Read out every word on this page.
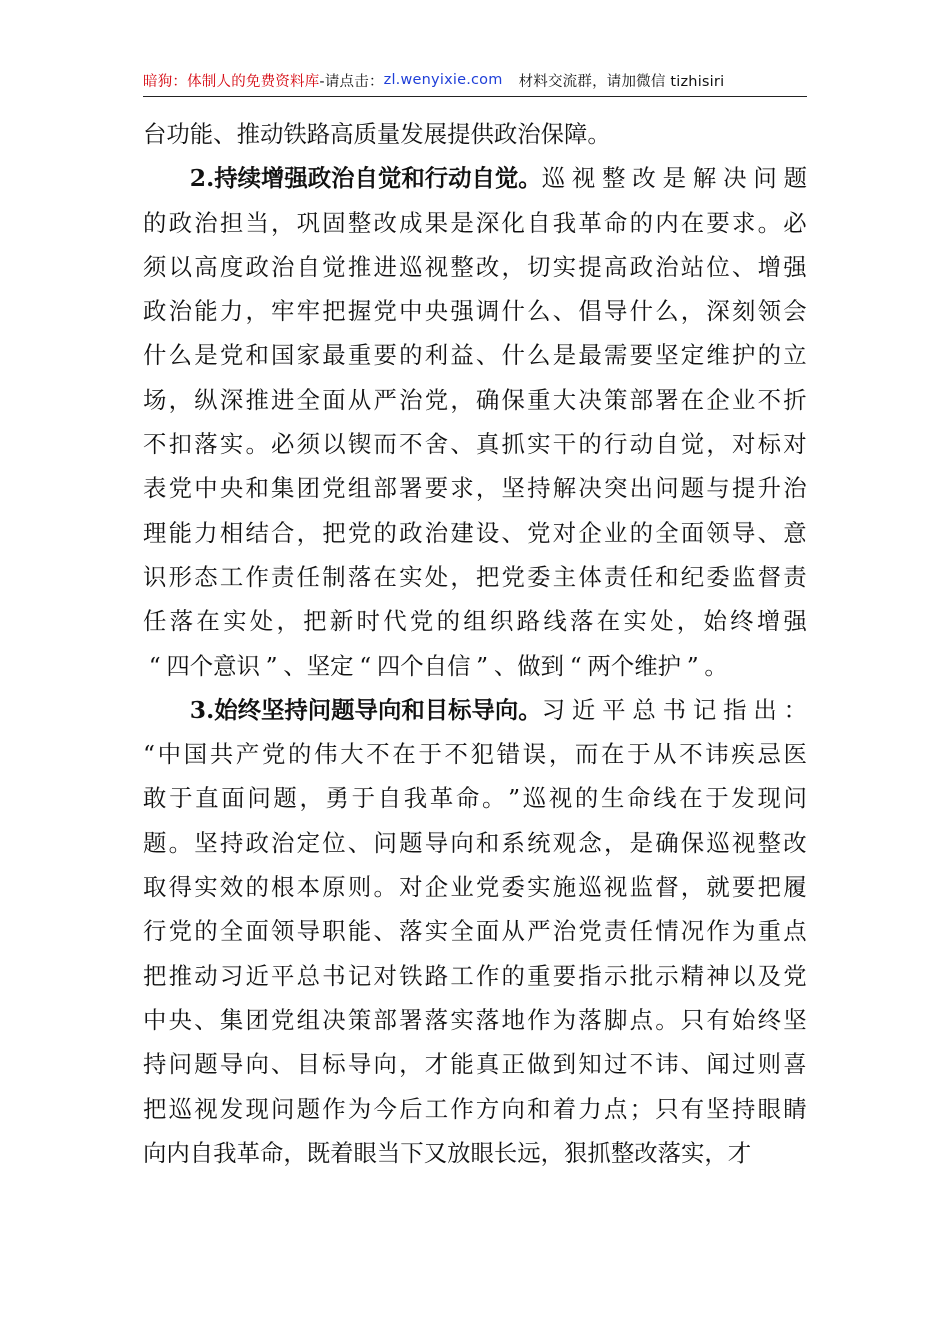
暗狗：体制人的免费资料库 -请点击： zl.wenyixie.com 材料交流群，请加微信 tizhisiri
台 功 能 、 推 动 铁 路 高 质 量 发 展 提 供 政 治 保 障 。
2.持续增强政治自觉和行动自觉。 巡 视 整 改 是 解 决 问 题
的 政 治 担 当 ， 巩 固 整 改 成 果 是 深 化 自 我 革 命 的 内 在 要 求 。 必
须 以 高 度 政 治 自 觉 推 进 巡 视 整 改 ， 切 实 提 高 政 治 站 位 、 增 强
政 治 能 力 ， 牢 牢 把 握 党 中 央 强 调 什 么 、 倡 导 什 么 ， 深 刻 领 会
什 么 是 党 和 国 家 最 重 要 的 利 益 、 什 么 是 最 需 要 坚 定 维 护 的 立
场 ， 纵 深 推 进 全 面 从 严 治 党 ， 确 保 重 大 决 策 部 署 在 企 业 不 折
不 扣 落 实 。 必 须 以 锲 而 不 舍 、 真 抓 实 干 的 行 动 自 觉 ， 对 标 对
表 党 中 央 和 集 团 党 组 部 署 要 求 ， 坚 持 解 决 突 出 问 题 与 提 升 治
理 能 力 相 结 合 ， 把 党 的 政 治 建 设 、 党 对 企 业 的 全 面 领 导 、 意
识 形 态 工 作 责 任 制 落 在 实 处 ， 把 党 委 主 体 责 任 和 纪 委 监 督 责
任 落 在 实 处 ， 把 新 时 代 党 的 组 织 路 线 落 在 实 处 ， 始 终 增 强
“ 四 个 意 识 ” 、 坚 定 “ 四 个 自 信 ” 、 做 到 “ 两 个 维 护 ” 。
3.始终坚持问题导向和目标导向。 习 近 平 总 书 记 指 出 ：
“ 中 国 共 产 党 的 伟 大 不 在 于 不 犯 错 误 ， 而 在 于 从 不 讳 疾 忌 医
敢 于 直 面 问 题 ， 勇 于 自 我 革 命 。 ” 巡 视 的 生 命 线 在 于 发 现 问
题 。 坚 持 政 治 定 位 、 问 题 导 向 和 系 统 观 念 ， 是 确 保 巡 视 整 改
取 得 实 效 的 根 本 原 则 。 对 企 业 党 委 实 施 巡 视 监 督 ， 就 要 把 履
行 党 的 全 面 领 导 职 能 、 落 实 全 面 从 严 治 党 责 任 情 况 作 为 重 点
把 推 动 习 近 平 总 书 记 对 铁 路 工 作 的 重 要 指 示 批 示 精 神 以 及 党
中 央 、 集 团 党 组 决 策 部 署 落 实 落 地 作 为 落 脚 点 。 只 有 始 终 坚
持 问 题 导 向 、 目 标 导 向 ， 才 能 真 正 做 到 知 过 不 讳 、 闻 过 则 喜
把 巡 视 发 现 问 题 作 为 今 后 工 作 方 向 和 着 力 点 ； 只 有 坚 持 眼 睛
向 内 自 我 革 命 ， 既 着 眼 当 下 又 放 眼 长 远 ， 狠 抓 整 改 落 实 ， 才
